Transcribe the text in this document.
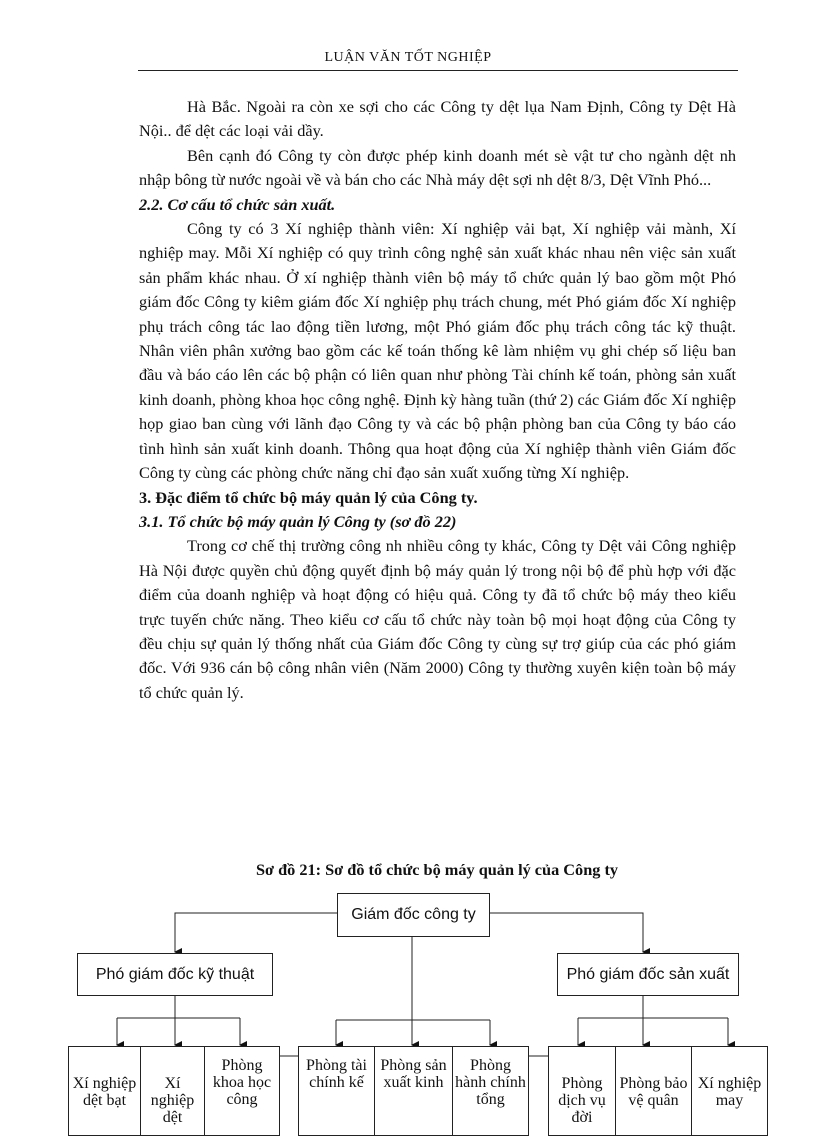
LUẬN VĂN TỐT NGHIỆP

Hà Bắc. Ngoài ra còn xe sợi cho các Công ty dệt lụa Nam Định, Công ty Dệt Hà Nội.. để dệt các loại vải dầy.

Bên cạnh đó Công ty còn được phép kinh doanh mét sè vật tư cho ngành dệt nh nhập bông từ nước ngoài về và bán cho các Nhà máy dệt sợi nh dệt 8/3, Dệt Vĩnh Phó...

2.2. Cơ cấu tổ chức sản xuất.

Công ty có 3 Xí nghiệp thành viên: Xí nghiệp vải bạt, Xí nghiệp vải mành, Xí nghiệp may. Mỗi Xí nghiệp có quy trình công nghệ sản xuất khác nhau nên việc sản xuất sản phẩm khác nhau. Ở xí nghiệp thành viên bộ máy tổ chức quản lý bao gồm một Phó giám đốc Công ty kiêm giám đốc Xí nghiệp phụ trách chung, mét Phó giám đốc Xí nghiệp phụ trách công tác lao động tiền lương, một Phó giám đốc phụ trách công tác kỹ thuật. Nhân viên phân xưởng bao gồm các kế toán thống kê làm nhiệm vụ ghi chép số liệu ban đầu và báo cáo lên các bộ phận có liên quan như phòng Tài chính kế toán, phòng sản xuất kinh doanh, phòng khoa học công nghệ. Định kỳ hàng tuần (thứ 2) các Giám đốc Xí nghiệp họp giao ban cùng với lãnh đạo Công ty và các bộ phận phòng ban của Công ty báo cáo tình hình sản xuất kinh doanh. Thông qua hoạt động của Xí nghiệp thành viên Giám đốc Công ty cùng các phòng chức năng chỉ đạo sản xuất xuống từng Xí nghiệp.

3. Đặc điểm tổ chức bộ máy quản lý của Công ty.
3.1. Tổ chức bộ máy quản lý Công ty (sơ đồ 22)

Trong cơ chế thị trường công nh nhiều công ty khác, Công ty Dệt vải Công nghiệp Hà Nội được quyền chủ động quyết định bộ máy quản lý trong nội bộ để phù hợp với đặc điểm của doanh nghiệp và hoạt động có hiệu quả. Công ty đã tổ chức bộ máy theo kiểu trực tuyến chức năng. Theo kiểu cơ cấu tổ chức này toàn bộ mọi hoạt động của Công ty đều chịu sự quản lý thống nhất của Giám đốc Công ty cùng sự trợ giúp của các phó giám đốc. Với 936 cán bộ công nhân viên (Năm 2000) Công ty thường xuyên kiện toàn bộ máy tổ chức quản lý.

Sơ đồ 21: Sơ đồ tổ chức bộ máy quản lý của Công ty
Giám đốc công ty
Phó giám đốc kỹ thuật	Phó giám đốc sản xuất
Xí nghiệp dệt bạt
Xí nghiệp dệt
Phòng khoa học công
Phòng tài chính kế
Phòng sản xuất kinh
Phòng hành chính tổng
Phòng dịch vụ đời
Phòng bảo vệ quân
Xí nghiệp may
